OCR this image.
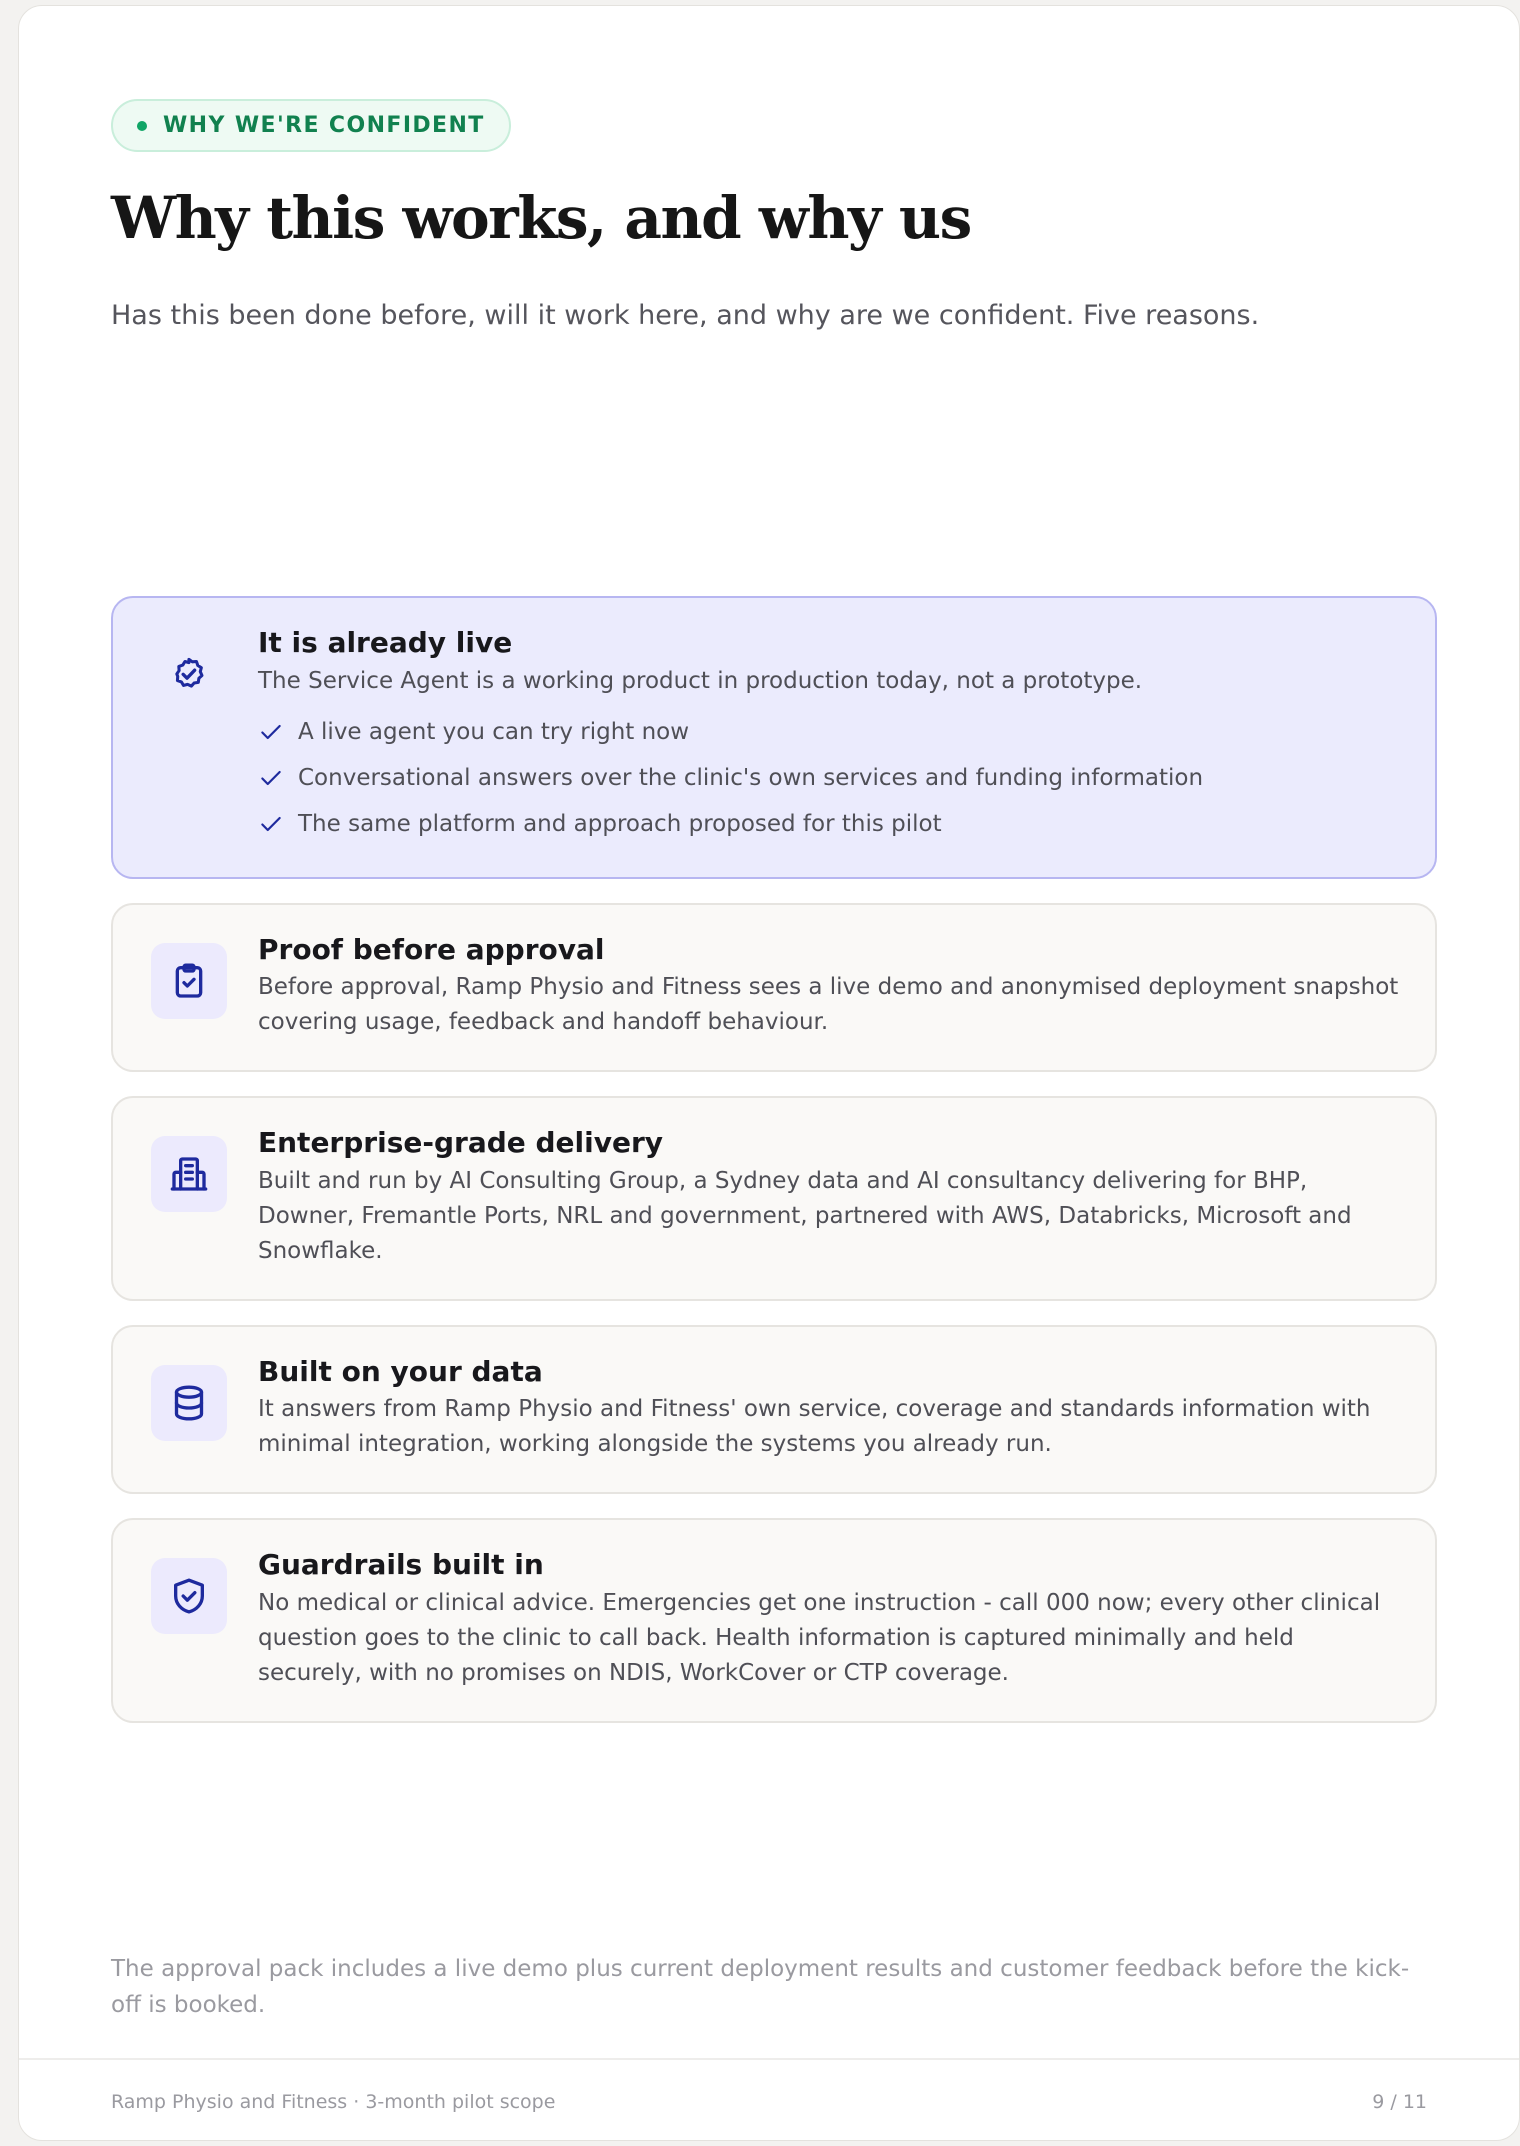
WHY WE'RE CONFIDENT
Why this works, and why us

Has this been done before, will it work here, and why are we confident. Five reasons.

It is already live
The Service Agent is a working product in production today, not a prototype.
A live agent you can try right now
Conversational answers over the clinic's own services and funding information
The same platform and approach proposed for this pilot
Proof before approval
Before approval, Ramp Physio and Fitness sees a live demo and anonymised deployment snapshot covering usage, feedback and handoff behaviour.
Enterprise-grade delivery
Built and run by AI Consulting Group, a Sydney data and AI consultancy delivering for BHP, Downer, Fremantle Ports, NRL and government, partnered with AWS, Databricks, Microsoft and Snowflake.
Built on your data
It answers from Ramp Physio and Fitness' own service, coverage and standards information with minimal integration, working alongside the systems you already run.
Guardrails built in
No medical or clinical advice. Emergencies get one instruction - call 000 now; every other clinical question goes to the clinic to call back. Health information is captured minimally and held securely, with no promises on NDIS, WorkCover or CTP coverage.

The approval pack includes a live demo plus current deployment results and customer feedback before the kick-off is booked.

Ramp Physio and Fitness · 3-month pilot scope	9 / 11
